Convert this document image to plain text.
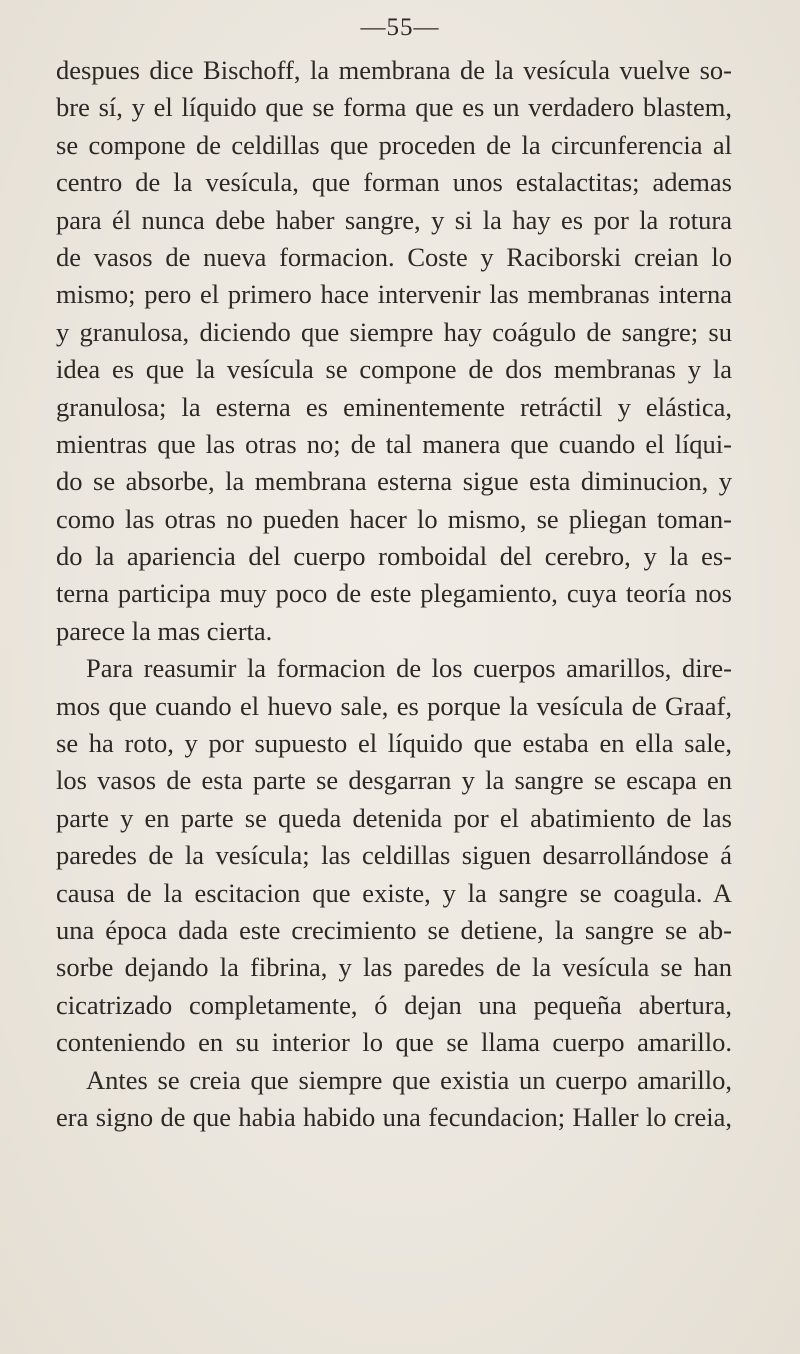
—55—
despues dice Bischoff, la membrana de la vesícula vuelve so-
bre sí, y el líquido que se forma que es un verdadero blastem,
se compone de celdillas que proceden de la circunferencia al
centro de la vesícula, que forman unos estalactitas; ademas
para él nunca debe haber sangre, y si la hay es por la rotura
de vasos de nueva formacion. Coste y Raciborski creian lo
mismo; pero el primero hace intervenir las membranas interna
y granulosa, diciendo que siempre hay coágulo de sangre; su
idea es que la vesícula se compone de dos membranas y la
granulosa; la esterna es eminentemente retráctil y elástica,
mientras que las otras no; de tal manera que cuando el líqui-
do se absorbe, la membrana esterna sigue esta diminucion, y
como las otras no pueden hacer lo mismo, se pliegan toman-
do la apariencia del cuerpo romboidal del cerebro, y la es-
terna participa muy poco de este plegamiento, cuya teoría nos
parece la mas cierta.
Para reasumir la formacion de los cuerpos amarillos, dire-
mos que cuando el huevo sale, es porque la vesícula de Graaf,
se ha roto, y por supuesto el líquido que estaba en ella sale,
los vasos de esta parte se desgarran y la sangre se escapa en
parte y en parte se queda detenida por el abatimiento de las
paredes de la vesícula; las celdillas siguen desarrollándose á
causa de la escitacion que existe, y la sangre se coagula. A
una época dada este crecimiento se detiene, la sangre se ab-
sorbe dejando la fibrina, y las paredes de la vesícula se han
cicatrizado completamente, ó dejan una pequeña abertura,
conteniendo en su interior lo que se llama cuerpo amarillo.
Antes se creia que siempre que existia un cuerpo amarillo,
era signo de que habia habido una fecundacion; Haller lo creia,
